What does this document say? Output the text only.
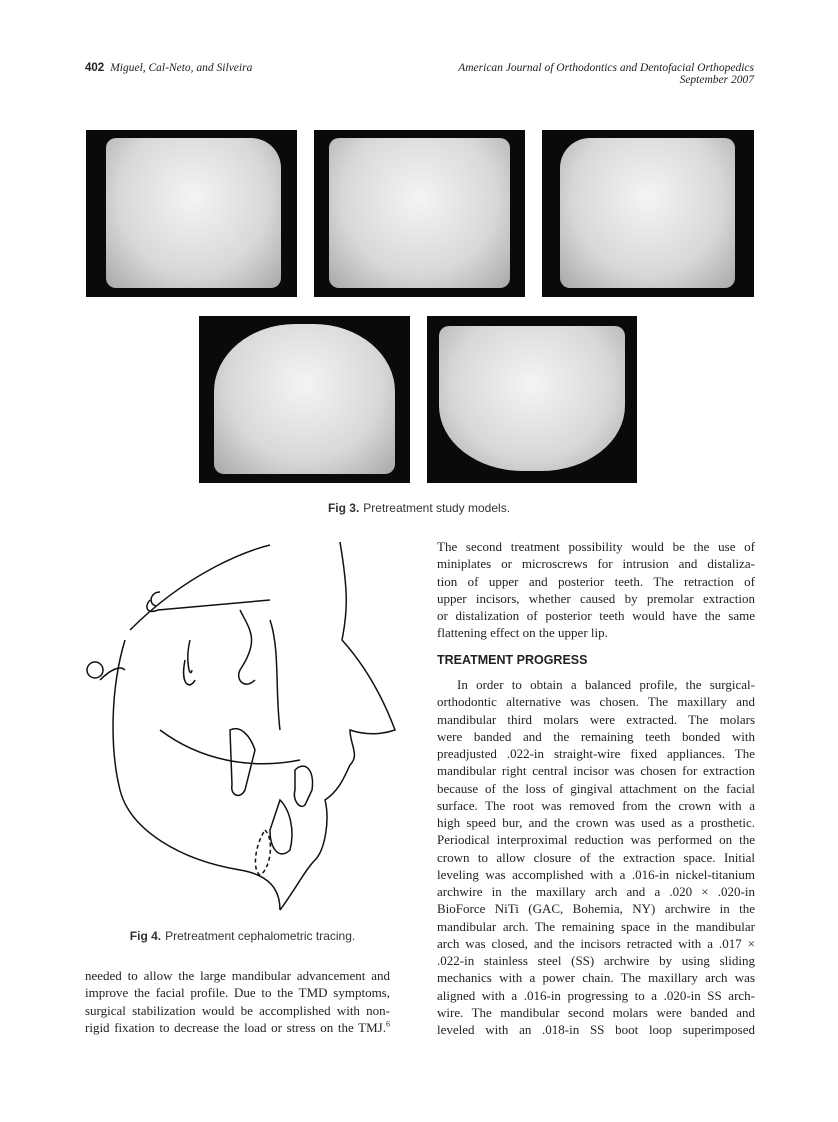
402 Miguel, Cal-Neto, and Silveira	American Journal of Orthodontics and Dentofacial Orthopedics
September 2007
Fig 3. Pretreatment study models.
Fig 4. Pretreatment cephalometric tracing.
needed to allow the large mandibular advancement and
improve the facial profile. Due to the TMD symptoms,
surgical stabilization would be accomplished with non-
rigid fixation to decrease the load or stress on the TMJ.$^6$
The second treatment possibility would be the use of
miniplates or microscrews for intrusion and distaliza-
tion of upper and posterior teeth. The retraction of
upper incisors, whether caused by premolar extraction
or distalization of posterior teeth would have the same
flattening effect on the upper lip.
TREATMENT PROGRESS
In order to obtain a balanced profile, the surgical-
orthodontic alternative was chosen. The maxillary and
mandibular third molars were extracted. The molars
were banded and the remaining teeth bonded with
preadjusted .022-in straight-wire fixed appliances. The
mandibular right central incisor was chosen for extraction
because of the loss of gingival attachment on the facial
surface. The root was removed from the crown with a
high speed bur, and the crown was used as a prosthetic.
Periodical interproximal reduction was performed on the
crown to allow closure of the extraction space. Initial
leveling was accomplished with a .016-in nickel-titanium
archwire in the maxillary arch and a .020 × .020-in
BioForce NiTi (GAC, Bohemia, NY) archwire in the
mandibular arch. The remaining space in the mandibular
arch was closed, and the incisors retracted with a .017 ×
.022-in stainless steel (SS) archwire by using sliding
mechanics with a power chain. The maxillary arch was
aligned with a .016-in progressing to a .020-in SS arch-
wire. The mandibular second molars were banded and
leveled with an .018-in SS boot loop superimposed
